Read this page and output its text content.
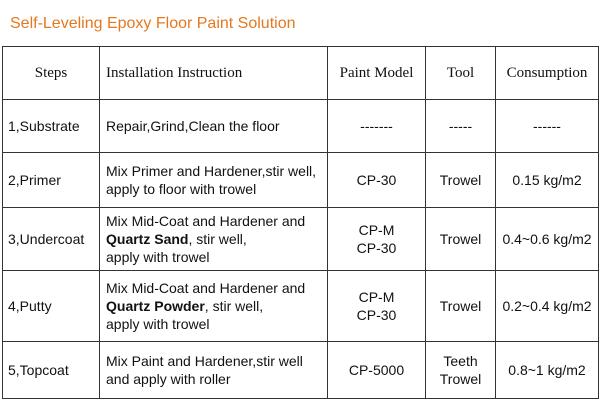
Self-Leveling Epoxy Floor Paint Solution
Steps	Installation Instruction	Paint Model	Tool	Consumption
1,Substrate	Repair,Grind,Clean the floor	-------	-----	------
2,Primer	Mix Primer and Hardener,stir well,
apply to floor with trowel	CP-30	Trowel	0.15 kg/m2
3,Undercoat	Mix Mid-Coat and Hardener and
Quartz Sand, stir well,
apply with trowel	CP-M
CP-30	Trowel	0.4~0.6 kg/m2
4,Putty	Mix Mid-Coat and Hardener and
Quartz Powder, stir well,
apply with trowel	CP-M
CP-30	Trowel	0.2~0.4 kg/m2
5,Topcoat	Mix Paint and Hardener,stir well
and apply with roller	CP-5000	Teeth
Trowel	0.8~1 kg/m2
